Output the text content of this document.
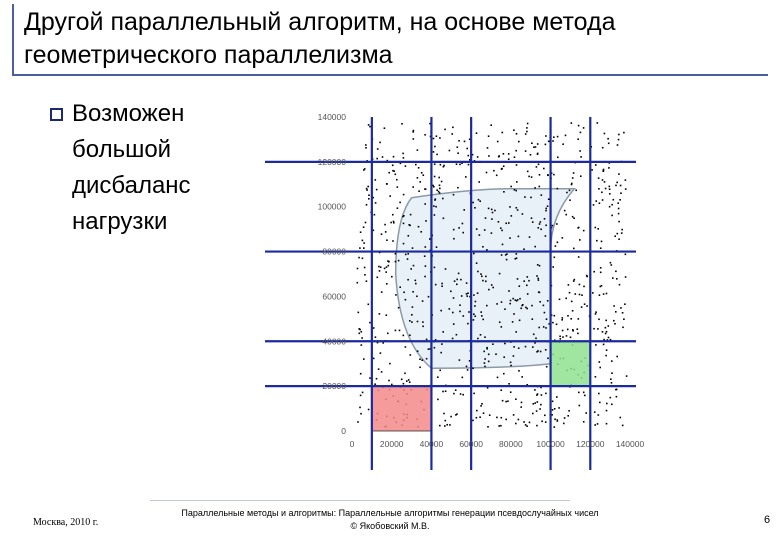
Другой параллельный алгоритм, на основе метода геометрического параллелизма
Возможен большой дисбаланс нагрузки
0
20000
40000
60000
80000
100000
120000
140000
0	20000 40000 60000 80000 100000 120000 140000
Москва, 2010 г.
Параллельные методы и алгоритмы: Параллельные алгоритмы генерации псевдослучайных чисел
© Якобовский М.В.	6
